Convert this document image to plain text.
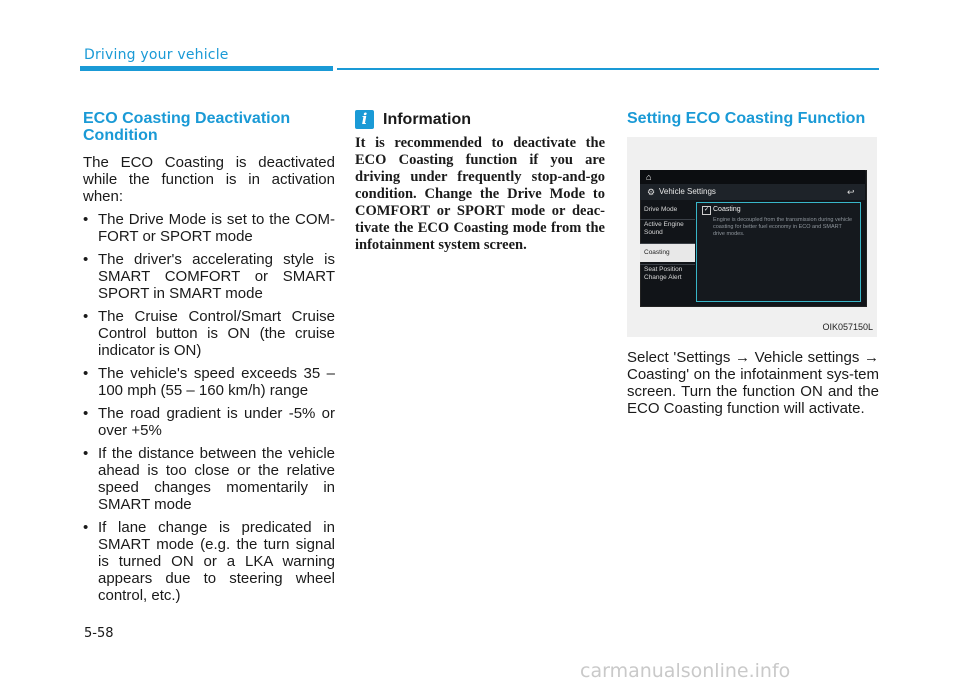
Driving your vehicle
ECO Coasting Deactivation Condition

The ECO Coasting is deactivated while the function is in activation when:

• The Drive Mode is set to the COM-FORT or SPORT mode
• The driver's accelerating style is SMART COMFORT or SMART SPORT in SMART mode
• The Cruise Control/Smart Cruise Control button is ON (the cruise indicator is ON)
• The vehicle's speed exceeds 35 – 100 mph (55 – 160 km/h) range
• The road gradient is under -5% or over +5%
• If the distance between the vehicle ahead is too close or the relative speed changes momentarily in SMART mode
• If lane change is predicated in SMART mode (e.g. the turn signal is turned ON or a LKA warning appears due to steering wheel control, etc.)
i Information

It is recommended to deactivate the ECO Coasting function if you are driving under frequently stop-and-go condition. Change the Drive Mode to COMFORT or SPORT mode or deac-tivate the ECO Coasting mode from the infotainment system screen.

Setting ECO Coasting Function
⌂
⚙ Vehicle Settings	↩
Drive Mode
Active Engine Sound
Coasting
Seat Position Change Alert
✓ Coasting
Engine is decoupled from the transmission during vehicle coasting for better fuel economy in ECO and SMART drive modes.
OIK057150L

Select 'Settings → Vehicle settings → Coasting' on the infotainment sys-tem screen. Turn the function ON and the ECO Coasting function will activate.

5-58
carmanualsonline.info
